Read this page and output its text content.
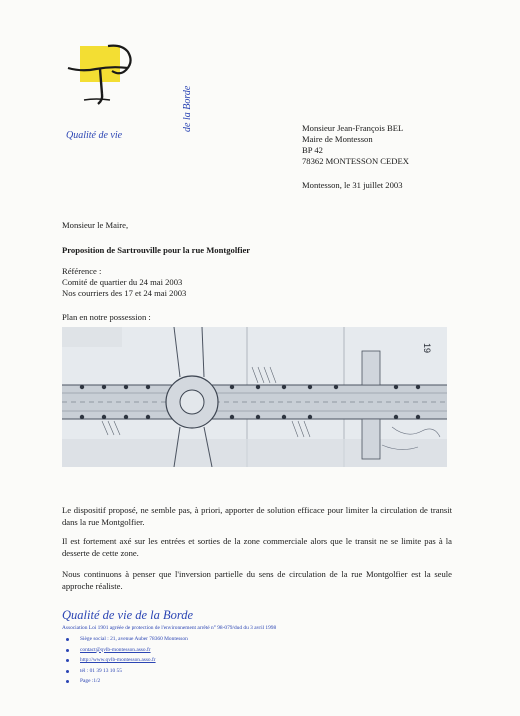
Qualité de vie
de la Borde	Monsieur Jean-François BEL
Maire de Montesson
BP 42
78362 MONTESSON CEDEX
Montesson, le 31 juillet 2003
Monsieur le Maire,
Proposition de Sartrouville pour la rue Montgolfier
Référence :
Comité de quartier du 24 mai 2003
Nos courriers des 17 et 24 mai 2003
Plan en notre possession :
19
Le dispositif proposé, ne semble pas, à priori, apporter de solution efficace pour limiter la circulation de transit dans la rue Montgolfier.
Il est fortement axé sur les entrées et sorties de la zone commerciale alors que le transit ne se limite pas à la desserte de cette zone.
Nous continuons à penser que l'inversion partielle du sens de circulation de la rue Montgolfier est la seule approche réaliste.
Qualité de vie de la Borde
Association Loi 1901 agréée de protection de l'environnement arrêté n° 98-079/dud du 3 avril 1998
Siège social : 21, avenue Auber 78360 Montesson
contact@qvlb-montesson.asso.fr
http://www.qvlb-montesson.asso.fr
tél : 01 39 13 10 55
Page :1/2
